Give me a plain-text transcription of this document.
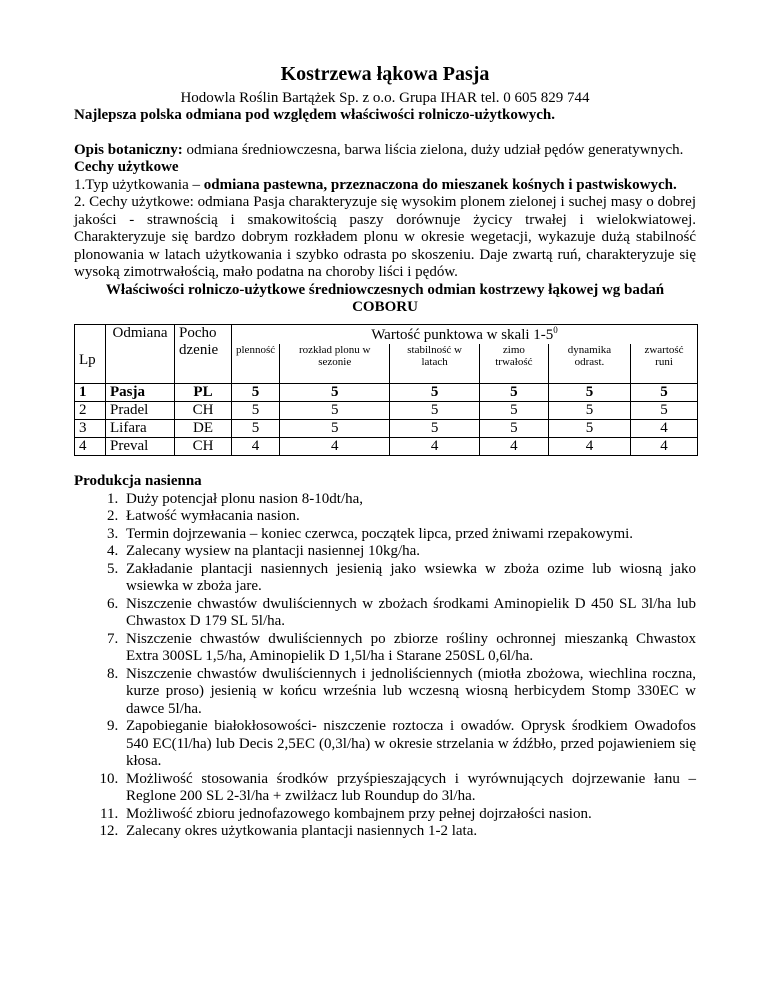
Kostrzewa łąkowa Pasja
Hodowla Roślin Bartążek Sp. z o.o. Grupa IHAR tel. 0 605 829 744
Najlepsza polska odmiana pod względem właściwości rolniczo-użytkowych.
Opis botaniczny: odmiana średniowczesna, barwa liścia zielona, duży udział pędów generatywnych.
Cechy użytkowe
1.Typ użytkowania – odmiana pastewna, przeznaczona do mieszanek kośnych i pastwiskowych.
2. Cechy użytkowe: odmiana Pasja charakteryzuje się wysokim plonem zielonej i suchej masy o dobrej jakości - strawnością i smakowitością paszy dorównuje życicy trwałej i wielokwiatowej. Charakteryzuje się bardzo dobrym rozkładem plonu w okresie wegetacji, wykazuje dużą stabilność plonowania w latach użytkowania i szybko odrasta po skoszeniu. Daje zwartą ruń, charakteryzuje się wysoką zimotrwałością, mało podatna na choroby liści i pędów.
Właściwości rolniczo-użytkowe średniowczesnych odmian kostrzewy łąkowej wg badań COBORU
Lp	Odmiana	Pocho
dzenie	Wartość punktowa w skali $1-5^0$
			plenność	rozkład plonu w sezonie	stabilność w latach	zimo trwałość	dynamika odrast.	zwartość runi
1	Pasja	PL	5	5	5	5	5	5
2	Pradel	CH	5	5	5	5	5	5
3	Lifara	DE	5	5	5	5	5	4
4	Preval	CH	4	4	4	4	4	4
Produkcja nasienna
1. Duży potencjał plonu nasion 8-10dt/ha,
2. Łatwość wymłacania nasion.
3. Termin dojrzewania – koniec czerwca, początek lipca, przed żniwami rzepakowymi.
4. Zalecany wysiew na plantacji nasiennej 10kg/ha.
5. Zakładanie plantacji nasiennych jesienią jako wsiewka w zboża ozime lub wiosną jako wsiewka w zboża jare.
6. Niszczenie chwastów dwuliściennych w zbożach środkami Aminopielik D 450 SL 3l/ha lub Chwastox D 179 SL 5l/ha.
7. Niszczenie chwastów dwuliściennych po zbiorze rośliny ochronnej mieszanką Chwastox Extra 300SL 1,5/ha, Aminopielik D 1,5l/ha i Starane 250SL 0,6l/ha.
8. Niszczenie chwastów dwuliściennych i jednoliściennych (miotła zbożowa, wiechlina roczna, kurze proso) jesienią w końcu września lub wczesną wiosną herbicydem Stomp 330EC w dawce 5l/ha.
9. Zapobieganie białokłosowości- niszczenie roztocza i owadów. Oprysk środkiem Owadofos 540 EC(1l/ha) lub Decis 2,5EC (0,3l/ha) w okresie strzelania w źdźbło, przed pojawieniem się kłosa.
10. Możliwość stosowania środków przyśpieszających i wyrównujących dojrzewanie łanu – Reglone 200 SL 2-3l/ha + zwilżacz lub Roundup do 3l/ha.
11. Możliwość zbioru jednofazowego kombajnem przy pełnej dojrzałości nasion.
12. Zalecany okres użytkowania plantacji nasiennych 1-2 lata.
